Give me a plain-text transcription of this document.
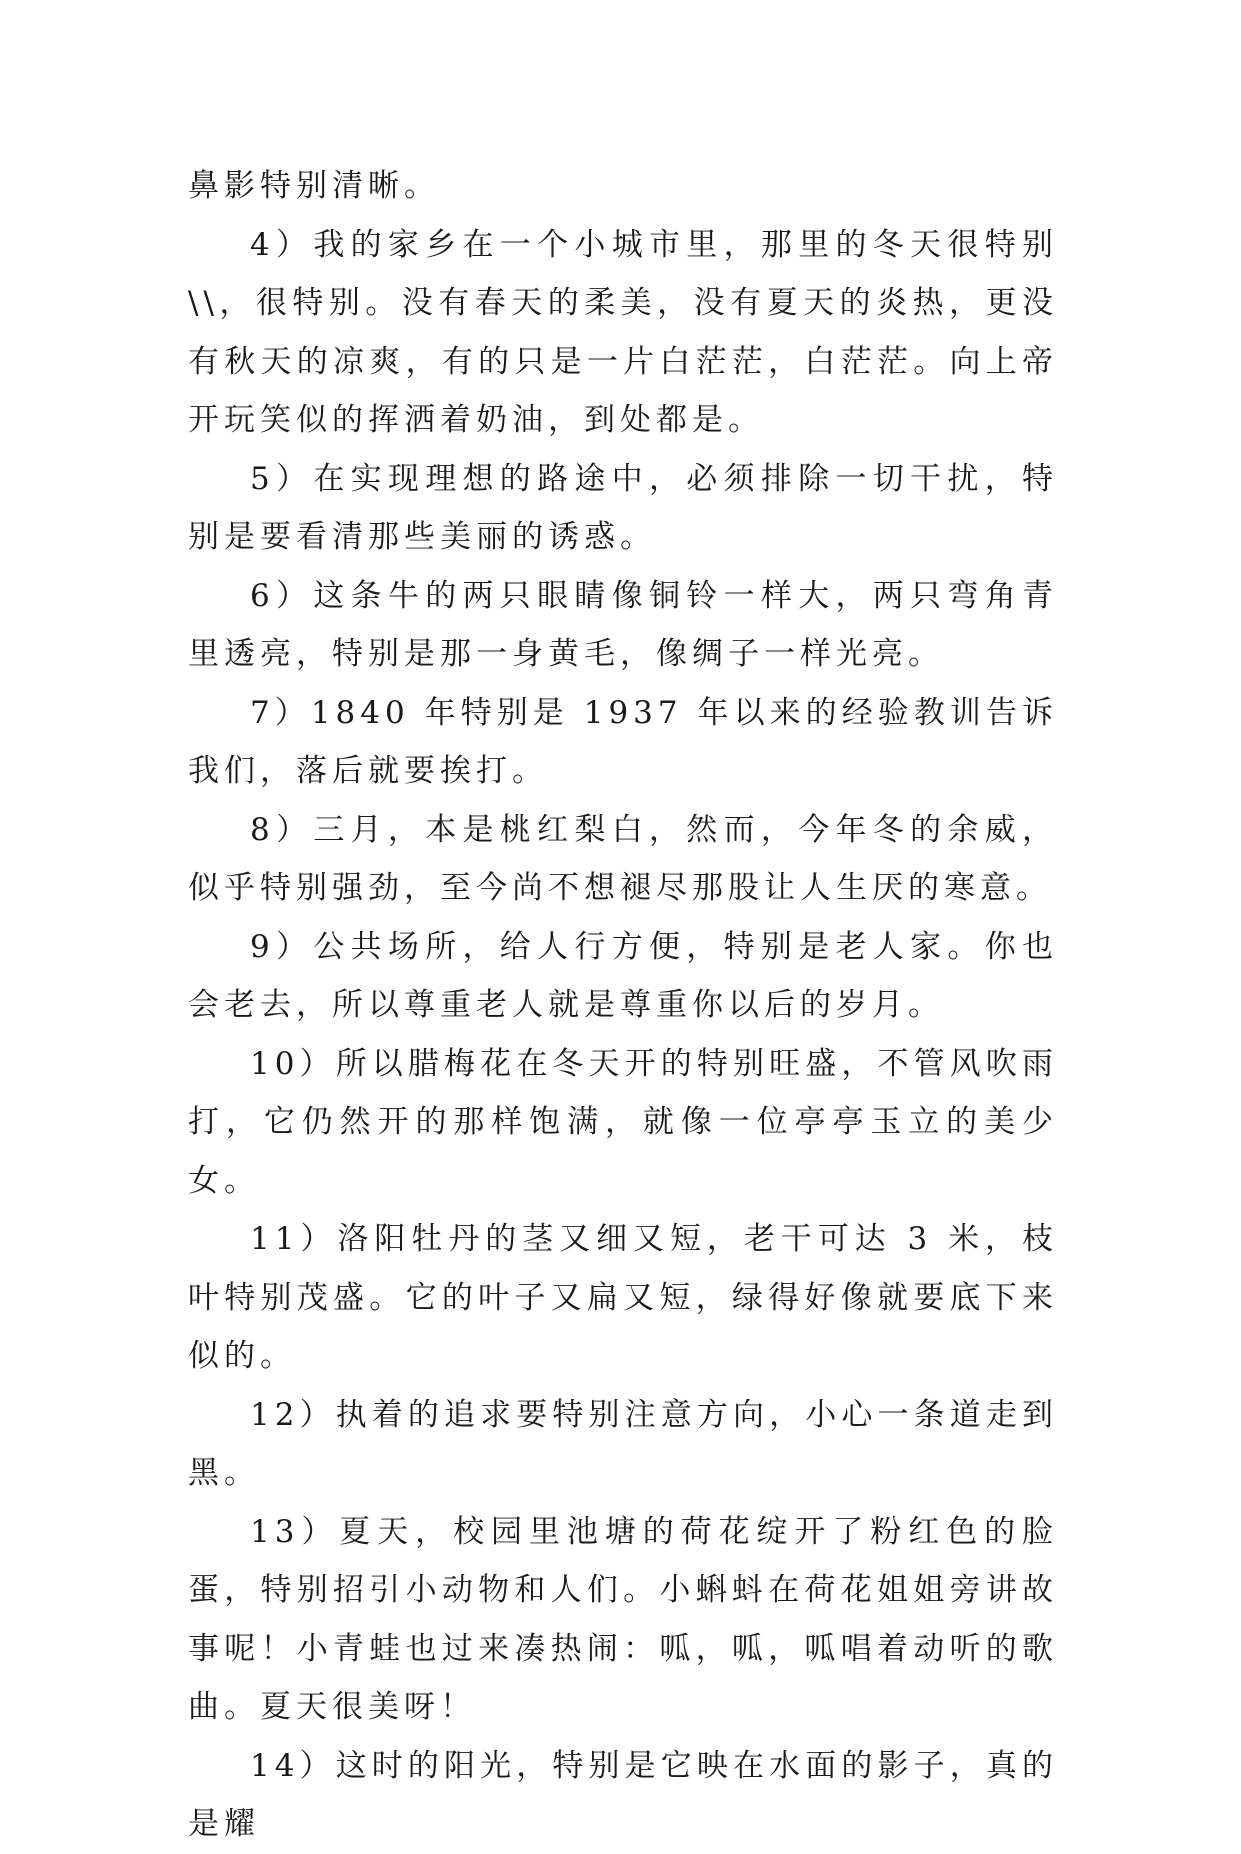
鼻影特别清晰。

4）我的家乡在一个小城市里，那里的冬天很特别\\，很特别。没有春天的柔美，没有夏天的炎热，更没有秋天的凉爽，有的只是一片白茫茫，白茫茫。向上帝开玩笑似的挥洒着奶油，到处都是。

5）在实现理想的路途中，必须排除一切干扰，特别是要看清那些美丽的诱惑。

6）这条牛的两只眼睛像铜铃一样大，两只弯角青里透亮，特别是那一身黄毛，像绸子一样光亮。

7）1840 年特别是 1937 年以来的经验教训告诉我们，落后就要挨打。

8）三月，本是桃红梨白，然而，今年冬的余威，似乎特别强劲，至今尚不想褪尽那股让人生厌的寒意。

9）公共场所，给人行方便，特别是老人家。你也会老去，所以尊重老人就是尊重你以后的岁月。

10）所以腊梅花在冬天开的特别旺盛，不管风吹雨打，它仍然开的那样饱满，就像一位亭亭玉立的美少女。

11）洛阳牡丹的茎又细又短，老干可达 3 米，枝叶特别茂盛。它的叶子又扁又短，绿得好像就要底下来似的。

12）执着的追求要特别注意方向，小心一条道走到黑。

13）夏天，校园里池塘的荷花绽开了粉红色的脸蛋，特别招引小动物和人们。小蝌蚪在荷花姐姐旁讲故事呢！小青蛙也过来凑热闹：呱，呱，呱唱着动听的歌曲。夏天很美呀！

14）这时的阳光，特别是它映在水面的影子，真的是耀
